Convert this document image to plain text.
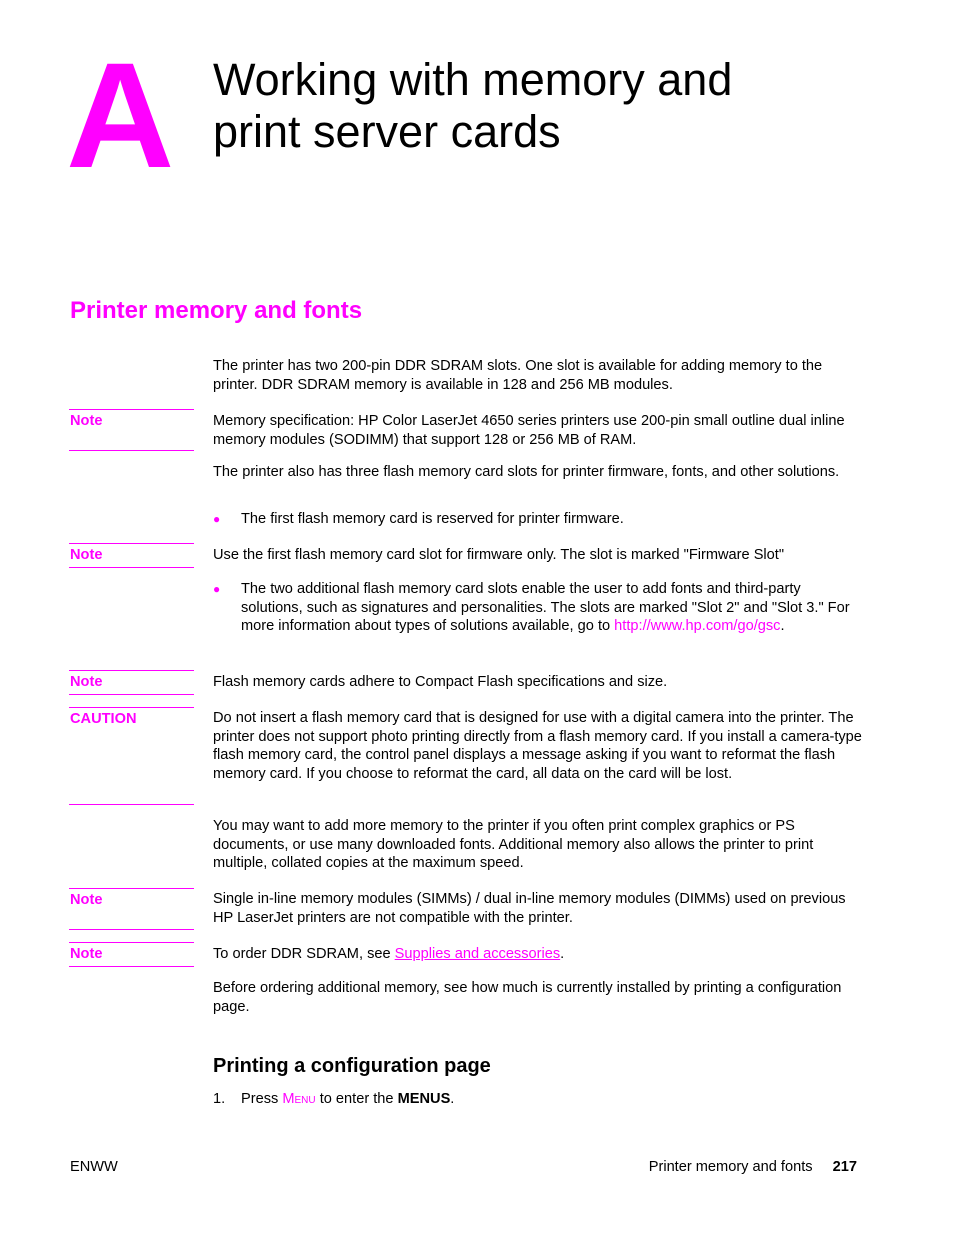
A Working with memory and
print server cards
Printer memory and fonts

The printer has two 200-pin DDR SDRAM slots. One slot is available for adding memory to the printer. DDR SDRAM memory is available in 128 and 256 MB modules.

Note	Memory specification: HP Color LaserJet 4650 series printers use 200-pin small outline dual inline memory modules (SODIMM) that support 128 or 256 MB of RAM.

The printer also has three flash memory card slots for printer firmware, fonts, and other solutions.

● The first flash memory card is reserved for printer firmware.
Note	Use the first flash memory card slot for firmware only. The slot is marked "Firmware Slot"

● The two additional flash memory card slots enable the user to add fonts and third-party solutions, such as signatures and personalities. The slots are marked "Slot 2" and "Slot 3." For more information about types of solutions available, go to http://www.hp.com/go/gsc.
Note	Flash memory cards adhere to Compact Flash specifications and size.

CAUTION	Do not insert a flash memory card that is designed for use with a digital camera into the printer. The printer does not support photo printing directly from a flash memory card. If you install a camera-type flash memory card, the control panel displays a message asking if you want to reformat the flash memory card. If you choose to reformat the card, all data on the card will be lost.

You may want to add more memory to the printer if you often print complex graphics or PS documents, or use many downloaded fonts. Additional memory also allows the printer to print multiple, collated copies at the maximum speed.

Note	Single in-line memory modules (SIMMs) / dual in-line memory modules (DIMMs) used on previous HP LaserJet printers are not compatible with the printer.

Note	To order DDR SDRAM, see Supplies and accessories.

Before ordering additional memory, see how much is currently installed by printing a configuration page.

Printing a configuration page
1. Press Menu to enter the MENUS.
ENWW	Printer memory and fonts 217
